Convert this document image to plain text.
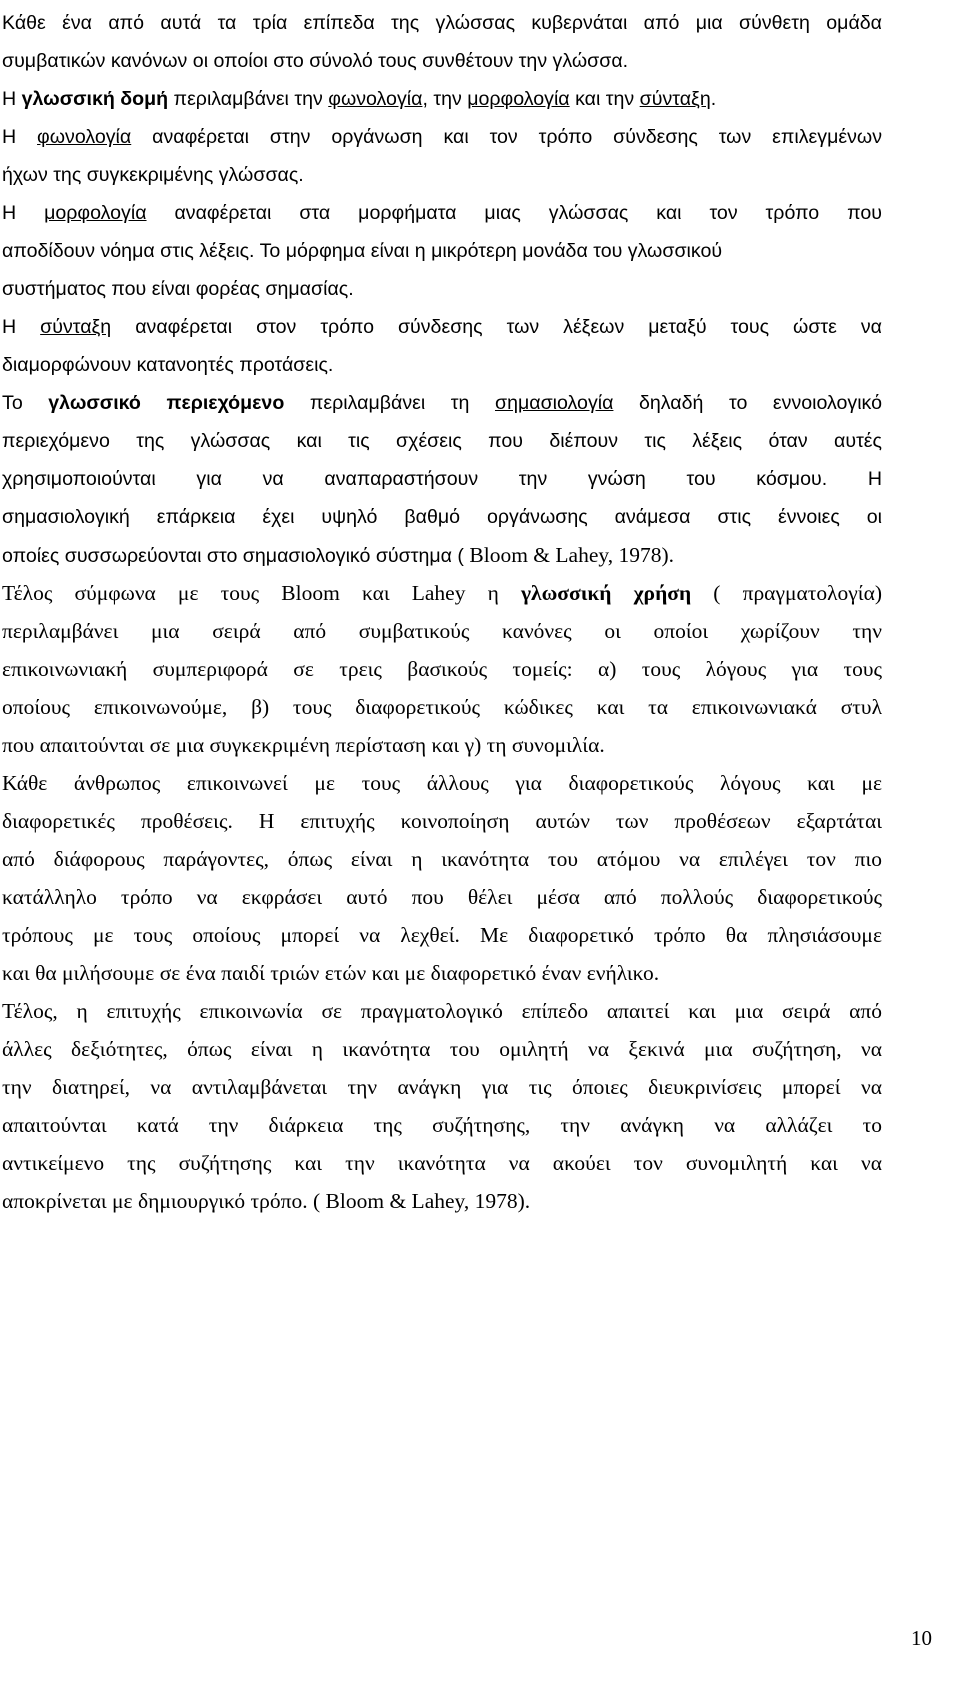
Κάθε ένα από αυτά τα τρία επίπεδα της γλώσσας κυβερνάται από μια σύνθετη ομάδα
συμβατικών κανόνων οι οποίοι στο σύνολό τους συνθέτουν την γλώσσα.
Η γλωσσική δομή περιλαμβάνει την φωνολογία, την μορφολογία και την σύνταξη.
Η φωνολογία αναφέρεται στην οργάνωση και τον τρόπο σύνδεσης των επιλεγμένων
ήχων της συγκεκριμένης γλώσσας.
Η μορφολογία αναφέρεται στα μορφήματα μιας γλώσσας και τον τρόπο που
αποδίδουν νόημα στις λέξεις. Το μόρφημα είναι η μικρότερη μονάδα του γλωσσικού
συστήματος που είναι φορέας σημασίας.
Η σύνταξη αναφέρεται στον τρόπο σύνδεσης των λέξεων μεταξύ τους ώστε να
διαμορφώνουν κατανοητές προτάσεις.
Το γλωσσικό περιεχόμενο περιλαμβάνει τη σημασιολογία δηλαδή το εννοιολογικό
περιεχόμενο της γλώσσας και τις σχέσεις που διέπουν τις λέξεις όταν αυτές
χρησιμοποιούνται για να αναπαραστήσουν την γνώση του κόσμου. Η
σημασιολογική επάρκεια έχει υψηλό βαθμό οργάνωσης ανάμεσα στις έννοιες οι
οποίες συσσωρεύονται στο σημασιολογικό σύστημα ( Bloom & Lahey, 1978).
Τέλος σύμφωνα με τους Bloom και Lahey η γλωσσική χρήση ( πραγματολογία)
περιλαμβάνει μια σειρά από συμβατικούς κανόνες οι οποίοι χωρίζουν την
επικοινωνιακή συμπεριφορά σε τρεις βασικούς τομείς: α) τους λόγους για τους
οποίους επικοινωνούμε, β) τους διαφορετικούς κώδικες και τα επικοινωνιακά στυλ
που απαιτούνται σε μια συγκεκριμένη περίσταση και γ) τη συνομιλία.
Κάθε άνθρωπος επικοινωνεί με τους άλλους για διαφορετικούς λόγους και με
διαφορετικές προθέσεις. Η επιτυχής κοινοποίηση αυτών των προθέσεων εξαρτάται
από διάφορους παράγοντες, όπως είναι η ικανότητα του ατόμου να επιλέγει τον πιο
κατάλληλο τρόπο να εκφράσει αυτό που θέλει μέσα από πολλούς διαφορετικούς
τρόπους με τους οποίους μπορεί να λεχθεί. Με διαφορετικό τρόπο θα πλησιάσουμε
και θα μιλήσουμε σε ένα παιδί τριών ετών και με διαφορετικό έναν ενήλικο.
Τέλος, η επιτυχής επικοινωνία σε πραγματολογικό επίπεδο απαιτεί και μια σειρά από
άλλες δεξιότητες, όπως είναι η ικανότητα του ομιλητή να ξεκινά μια συζήτηση, να
την διατηρεί, να αντιλαμβάνεται την ανάγκη για τις όποιες διευκρινίσεις μπορεί να
απαιτούνται κατά την διάρκεια της συζήτησης, την ανάγκη να αλλάζει το
αντικείμενο της συζήτησης και την ικανότητα να ακούει τον συνομιλητή και να
αποκρίνεται με δημιουργικό τρόπο. ( Bloom & Lahey, 1978).
10
